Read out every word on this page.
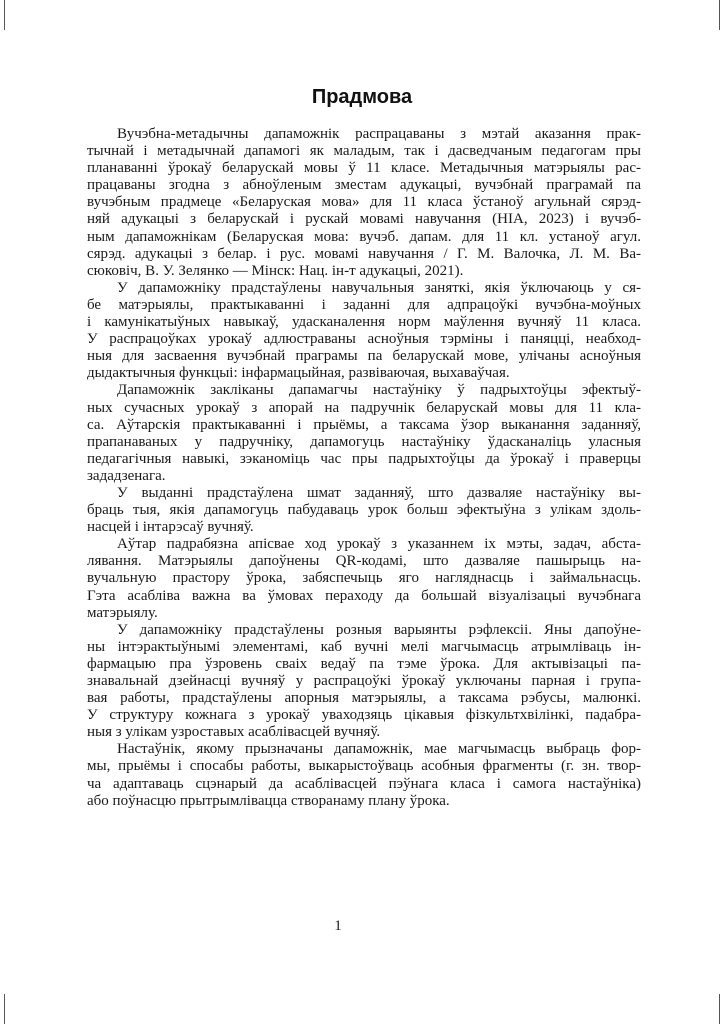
Прадмова
Вучэбна-метадычны дапаможнік распрацаваны з мэтай аказання прак-
тычнай і метадычнай дапамогі як маладым, так і дасведчаным педагогам пры
планаванні ўрокаў беларускай мовы ў 11 класе. Метадычныя матэрыялы рас-
працаваны згодна з абноўленым зместам адукацыі, вучэбнай праграмай па
вучэбным прадмеце «Беларуская мова» для 11 класа ўстаноў агульнай сярэд-
няй адукацыі з беларускай і рускай мовамі навучання (НІА, 2023) і вучэб-
ным дапаможнікам (Беларуская мова: вучэб. дапам. для 11 кл. устаноў агул.
сярэд. адукацыі з белар. і рус. мовамі навучання / Г. М. Валочка, Л. М. Ва-
сюковіч, В. У. Зелянко — Мінск: Нац. ін-т адукацыі, 2021).
У дапаможніку прадстаўлены навучальныя заняткі, якія ўключаюць у ся-
бе матэрыялы, практыкаванні і заданні для адпрацоўкі вучэбна-моўных
і камунікатыўных навыкаў, удасканалення норм маўлення вучняў 11 класа.
У распрацоўках урокаў адлюстраваны асноўныя тэрміны і паняцці, неабход-
ныя для засваення вучэбнай праграмы па беларускай мове, улічаны асноўныя
дыдактычныя функцыі: інфармацыйная, развіваючая, выхаваўчая.
Дапаможнік закліканы дапамагчы настаўніку ў падрыхтоўцы эфектыў-
ных сучасных урокаў з апорай на падручнік беларускай мовы для 11 кла-
са. Аўтарскія практыкаванні і прыёмы, а таксама ўзор выканання заданняў,
прапанаваных у падручніку, дапамогуць настаўніку ўдасканаліць уласныя
педагагічныя навыкі, зэканоміць час пры падрыхтоўцы да ўрокаў і праверцы
зададзенага.
У выданні прадстаўлена шмат заданняў, што дазваляе настаўніку вы-
браць тыя, якія дапамогуць пабудаваць урок больш эфектыўна з улікам здоль-
насцей і інтарэсаў вучняў.
Аўтар падрабязна апісвае ход урокаў з указаннем іх мэты, задач, абста-
лявання. Матэрыялы дапоўнены QR-кодамі, што дазваляе пашырыць на-
вучальную прастору ўрока, забяспечыць яго нагляднасць і займальнасць.
Гэта асабліва важна ва ўмовах пераходу да большай візуалізацыі вучэбнага
матэрыялу.
У дапаможніку прадстаўлены розныя варыянты рэфлексіі. Яны дапоўне-
ны інтэрактыўнымі элементамі, каб вучні мелі магчымасць атрымліваць ін-
фармацыю пра ўзровень сваіх ведаў па тэме ўрока. Для актывізацыі па-
знавальнай дзейнасці вучняў у распрацоўкі ўрокаў уключаны парная і група-
вая работы, прадстаўлены апорныя матэрыялы, а таксама рэбусы, малюнкі.
У структуру кожнага з урокаў уваходзяць цікавыя фізкультхвілінкі, падабра-
ныя з улікам узроставых асаблівасцей вучняў.
Настаўнік, якому прызначаны дапаможнік, мае магчымасць выбраць фор-
мы, прыёмы і спосабы работы, выкарыстоўваць асобныя фрагменты (г. зн. твор-
ча адаптаваць сцэнарый да асаблівасцей пэўнага класа і самога настаўніка)
або поўнасцю прытрымлівацца створанаму плану ўрока.
1
